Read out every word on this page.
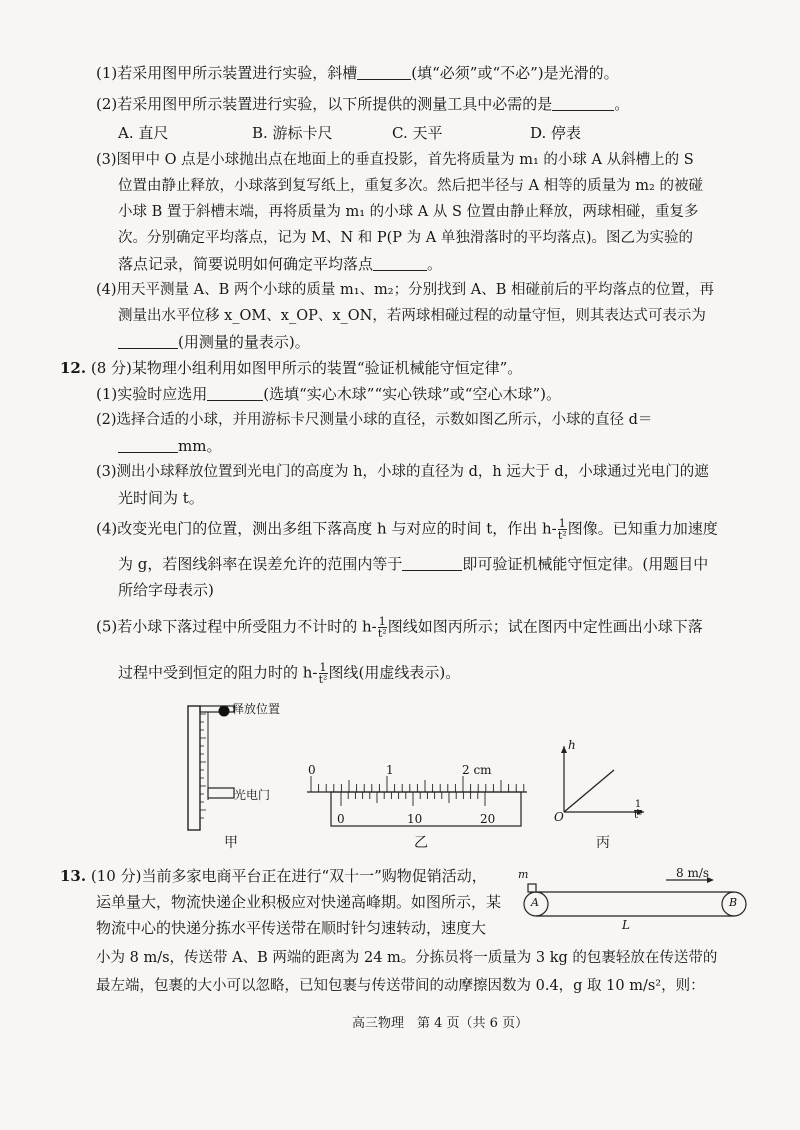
(1)若采用图甲所示装置进行实验，斜槽	(填“必须”或“不必”)是光滑的。
(2)若采用图甲所示装置进行实验，以下所提供的测量工具中必需的是	。
A. 直尺	B. 游标卡尺	C. 天平	D. 停表
(3)图甲中 O 点是小球抛出点在地面上的垂直投影，首先将质量为 m₁ 的小球 A 从斜槽上的 S
位置由静止释放，小球落到复写纸上，重复多次。然后把半径与 A 相等的质量为 m₂ 的被碰
小球 B 置于斜槽末端，再将质量为 m₁ 的小球 A 从 S 位置由静止释放，两球相碰，重复多
次。分别确定平均落点，记为 M、N 和 P(P 为 A 单独滑落时的平均落点)。图乙为实验的
落点记录，简要说明如何确定平均落点	。
(4)用天平测量 A、B 两个小球的质量 m₁、m₂；分别找到 A、B 相碰前后的平均落点的位置，再
测量出水平位移 x_OM、x_OP、x_ON，若两球相碰过程的动量守恒，则其表达式可表示为
(用测量的量表示)。
12. (8 分)某物理小组利用如图甲所示的装置“验证机械能守恒定律”。
(1)实验时应选用	(选填“实心木球”“实心铁球”或“空心木球”)。
(2)选择合适的小球，并用游标卡尺测量小球的直径，示数如图乙所示，小球的直径 d＝
mm。
(3)测出小球释放位置到光电门的高度为 h，小球的直径为 d，h 远大于 d，小球通过光电门的遮
光时间为 t。
(4)改变光电门的位置，测出多组下落高度 h 与对应的时间 t，作出 $h- \frac{1}{\text{t²}}$ 图像。已知重力加速度
为 g，若图线斜率在误差允许的范围内等于	即可验证机械能守恒定律。(用题目中
所给字母表示)
(5)若小球下落过程中所受阻力不计时的 $h- \frac{1}{\text{t²}}$ 图线如图丙所示；试在图丙中定性画出小球下落
过程中受到恒定的阻力时的 $h- \frac{1}{\text{t²}}$ 图线(用虚线表示)。
释放位置
光电门
甲
0	1	2 cm
0	10	20
乙
h
O	$\frac{1}{\text{t²}}$
丙
13. (10 分)当前多家电商平台正在进行“双十一”购物促销活动，
运单量大，物流快递企业积极应对快递高峰期。如图所示，某
物流中心的快递分拣水平传送带在顺时针匀速转动，速度大
小为 8 m/s，传送带 A、B 两端的距离为 24 m。分拣员将一质量为 3 kg 的包裹轻放在传送带的
最左端，包裹的大小可以忽略，已知包裹与传送带间的动摩擦因数为 0.4，g 取 10 m/s²，则：
8 m/s
m
A	B
L
高三物理　第 4 页（共 6 页）
